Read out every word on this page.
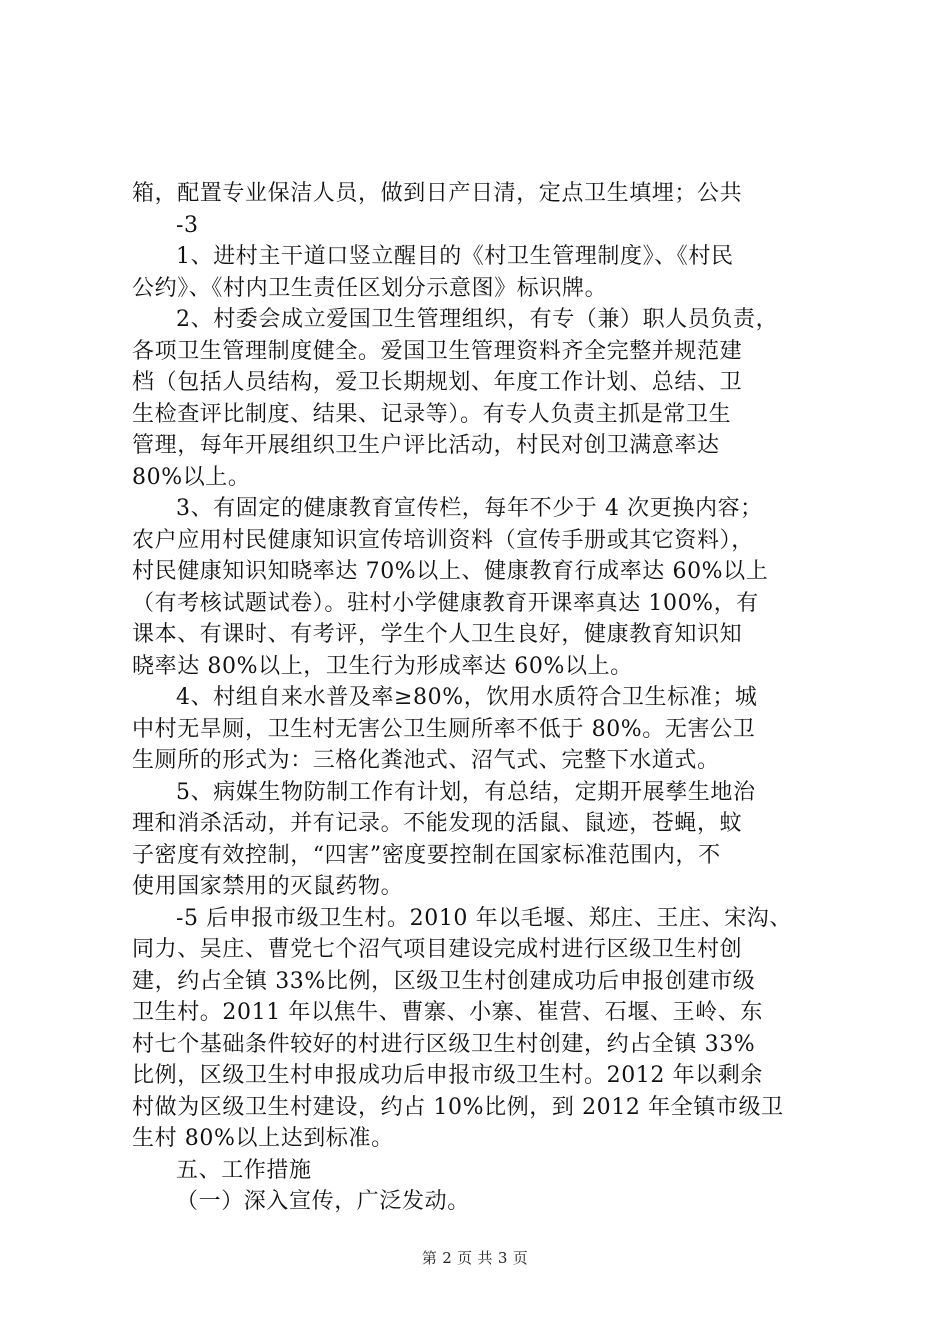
箱，配置专业保洁人员，做到日产日清，定点卫生填埋；公共
-3
1、进村主干道口竖立醒目的《村卫生管理制度》、《村民
公约》、《村内卫生责任区划分示意图》标识牌。
2、村委会成立爱国卫生管理组织，有专（兼）职人员负责，
各项卫生管理制度健全。爱国卫生管理资料齐全完整并规范建
档（包括人员结构，爱卫长期规划、年度工作计划、总结、卫
生检查评比制度、结果、记录等）。有专人负责主抓是常卫生
管理，每年开展组织卫生户评比活动，村民对创卫满意率达
80%以上。
3、有固定的健康教育宣传栏，每年不少于 4 次更换内容；
农户应用村民健康知识宣传培训资料（宣传手册或其它资料），
村民健康知识知晓率达 70%以上、健康教育行成率达 60%以上
（有考核试题试卷）。驻村小学健康教育开课率真达 100%，有
课本、有课时、有考评，学生个人卫生良好，健康教育知识知
晓率达 80%以上，卫生行为形成率达 60%以上。
4、村组自来水普及率≥80%，饮用水质符合卫生标准；城
中村无旱厕，卫生村无害公卫生厕所率不低于 80%。无害公卫
生厕所的形式为：三格化粪池式、沼气式、完整下水道式。
5、病媒生物防制工作有计划，有总结，定期开展孳生地治
理和消杀活动，并有记录。不能发现的活鼠、鼠迹，苍蝇，蚊
子密度有效控制，“四害”密度要控制在国家标准范围内，不
使用国家禁用的灭鼠药物。
-5 后申报市级卫生村。2010 年以毛堰、郑庄、王庄、宋沟、
同力、吴庄、曹党七个沼气项目建设完成村进行区级卫生村创
建，约占全镇 33%比例，区级卫生村创建成功后申报创建市级
卫生村。2011 年以焦牛、曹寨、小寨、崔营、石堰、王岭、东
村七个基础条件较好的村进行区级卫生村创建，约占全镇 33%
比例，区级卫生村申报成功后申报市级卫生村。2012 年以剩余
村做为区级卫生村建设，约占 10%比例，到 2012 年全镇市级卫
生村 80%以上达到标准。
五、工作措施
（一）深入宣传，广泛发动。
第 2 页 共 3 页
